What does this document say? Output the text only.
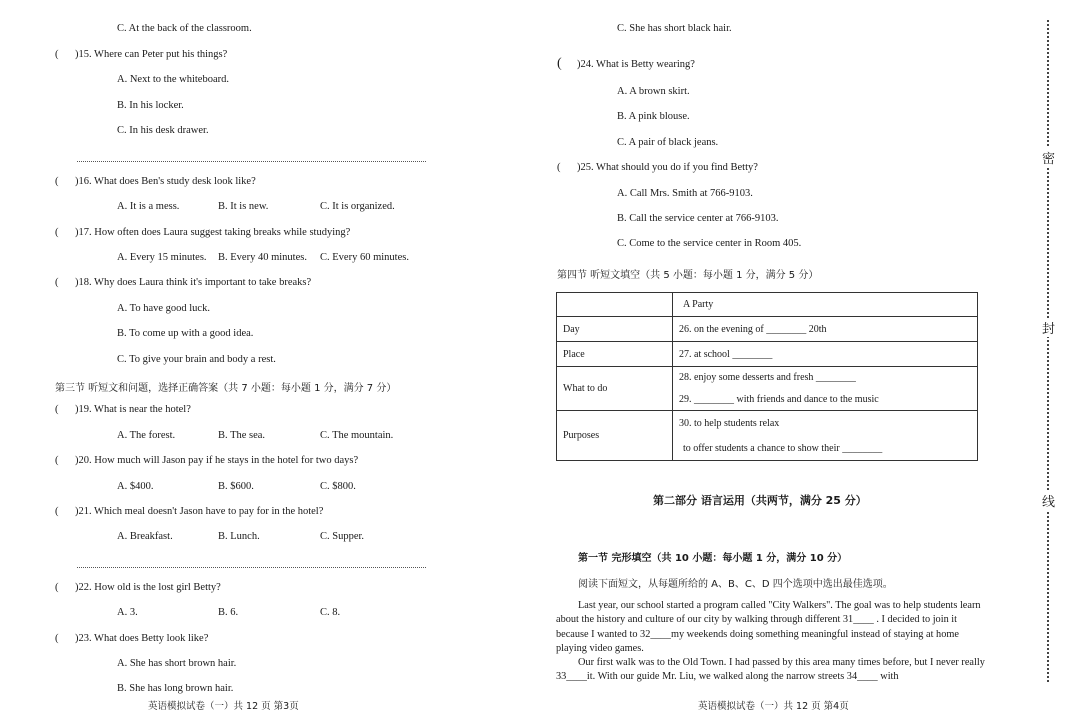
C. At the back of the classroom.
( )15. Where can Peter put his things?
A. Next to the whiteboard.
B. In his locker.
C. In his desk drawer.
( )16. What does Ben's study desk look like?
A. It is a mess.	B. It is new.	C. It is organized.
( )17. How often does Laura suggest taking breaks while studying?
A. Every 15 minutes. B. Every 40 minutes. C. Every 60 minutes.
( )18. Why does Laura think it's important to take breaks?
A. To have good luck.
B. To come up with a good idea.
C. To give your brain and body a rest.
第三节 听短文和问题，选择正确答案（共 7 小题：每小题 1 分，满分 7 分）
( )19. What is near the hotel?
A. The forest.	B. The sea.	C. The mountain.
( )20. How much will Jason pay if he stays in the hotel for two days?
A. $400.	B. $600.	C. $800.
( )21. Which meal doesn't Jason have to pay for in the hotel?
A. Breakfast.	B. Lunch.	C. Supper.
( )22. How old is the lost girl Betty?
A. 3.	B. 6.	C. 8.
( )23. What does Betty look like?
A. She has short brown hair.
B. She has long brown hair.
英语模拟试卷（一）共 12 页 第3页
C. She has short black hair.
( )24. What is Betty wearing?
A. A brown skirt.
B. A pink blouse.
C. A pair of black jeans.
( )25. What should you do if you find Betty?
A. Call Mrs. Smith at 766-9103.
B. Call the service center at 766-9103.
C. Come to the service center in Room 405.
第四节 听短文填空（共 5 小题：每小题 1 分，满分 5 分）
	A Party
Day	26. on the evening of ________ 20th
Place	27. at school ________
What to do	28. enjoy some desserts and fresh ________
	29. ________ with friends and dance to the music
Purposes	30. to help students relax
to offer students a chance to show their ________
第二部分 语言运用（共两节，满分 25 分）
第一节 完形填空（共 10 小题：每小题 1 分，满分 10 分）
阅读下面短文，从每题所给的 A、B、C、D 四个选项中选出最佳选项。
Last year, our school started a program called "City Walkers". The goal was to help students learn about the history and culture of our city by walking through different 31____ . I decided to join it because I wanted to 32____my weekends doing something meaningful instead of staying at home playing video games.
Our first walk was to the Old Town. I had passed by this area many times before, but I never really 33____it. With our guide Mr. Liu, we walked along the narrow streets 34____ with
英语模拟试卷（一）共 12 页 第4页
密
封
线
